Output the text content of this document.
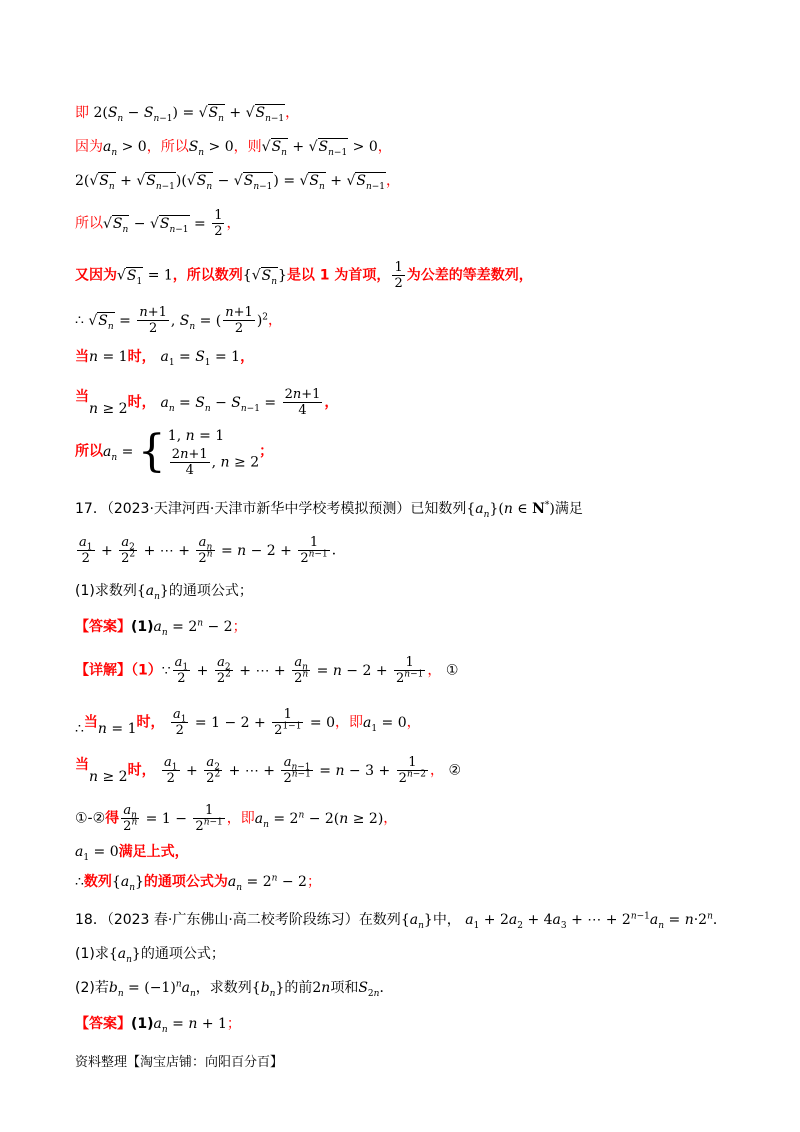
即 $2(S_n - S_{n-1}) = √S_n + √S_{n-1}$，
因为$a_n > 0$，所以$S_n > 0$，则$√S_n + √S_{n-1} > 0$，
$2(√S_n + √S_{n-1})(√S_n - √S_{n-1}) = √S_n + √S_{n-1}$，
所以$√S_n - √S_{n-1} = \frac{1}{2}$ ，
又因为$√S_1 = 1$，所以数列$\{√S_n\}$是以 1 为首项， $\frac{1}{2}$ 为公差的等差数列，
∴ $√S_n = \frac{n+1}{2}$ , $S_n$ = ( $\frac{n+1}{2} )^2$，
当n = 1时， $a_1 = S_1 = 1$，
当n ≥ 2时， $a_n = S_n - S_{n-1} = \frac{2n+1}{4}$ ，
所以$a_n$ = { 1, n = 1
$\frac{2n+1}{4}$ , n ≥ 2
；
17．（2023·天津河西·天津市新华中学校考模拟预测）已知数列$\{a_n\}(n$ ∈ N*)满足
$\frac{a_1}{2} + \frac{a_2}{2^2}$ + ⋯ + $\frac{a_n}{2^n} = n - 2 + \frac{1}{2^{n-1}}$ ．
(1)求数列$\{a_n\}$的通项公式；
【答案】$(1)a_n = 2^n - 2$；
【详解】（1）∵ $\frac{a_1}{2} + \frac{a_2}{2^2}$ + ⋯ + $\frac{a_n}{2^n} = n - 2 + \frac{1}{2^{n-1}}$ ， ①
∴当n = 1时， $\frac{a_1}{2} = 1 - 2 + \frac{1}{2^{1-1}} = 0$，即$a_1 = 0$，
当n ≥ 2时， $\frac{a_1}{2} + \frac{a_2}{2^2}$ + ⋯ + $\frac{a_{n-1}}{2^{n-1}} = n - 3 + \frac{1}{2^{n-2}}$ ， ②
①-②得 $\frac{a_n}{2^n} = 1 - \frac{1}{2^{n-1}}$ ，即$a_n = 2^n - 2(n \ge 2)$，
$a_1 = 0$满足上式，
∴数列$\{a_n\}$的通项公式为$a_n = 2^n - 2$；
18．（2023 春·广东佛山·高二校考阶段练习）在数列$\{a_n\}$中， $a_1 + 2a_2 + 4a_3$ + ⋯ + $2^{n-1}a_n = n\cdot 2^n$．
(1)求$\{a_n\}$的通项公式；
(2)若$b_n = (-1)^na_n$，求数列$\{b_n\}$的前2n项和$S_{2n}$．
【答案】$(1)a_n = n + 1$；
资料整理【淘宝店铺：向阳百分百】
